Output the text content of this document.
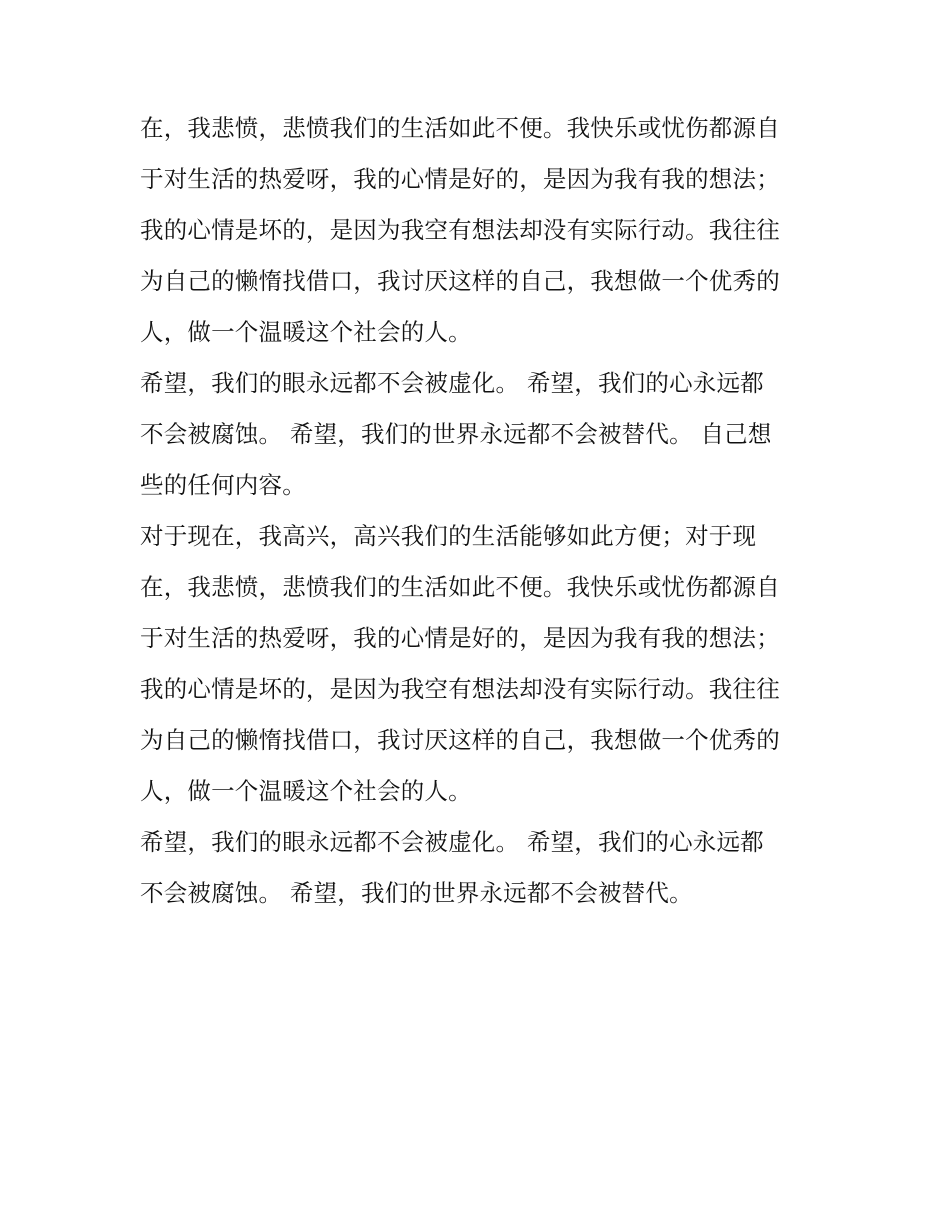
在，我悲愤，悲愤我们的生活如此不便。我快乐或忧伤都源自
于对生活的热爱呀，我的心情是好的，是因为我有我的想法；
我的心情是坏的，是因为我空有想法却没有实际行动。我往往
为自己的懒惰找借口，我讨厌这样的自己，我想做一个优秀的
人，做一个温暖这个社会的人。
希望，我们的眼永远都不会被虚化。 希望，我们的心永远都
不会被腐蚀。 希望，我们的世界永远都不会被替代。 自己想
些的任何内容。
对于现在，我高兴，高兴我们的生活能够如此方便；对于现
在，我悲愤，悲愤我们的生活如此不便。我快乐或忧伤都源自
于对生活的热爱呀，我的心情是好的，是因为我有我的想法；
我的心情是坏的，是因为我空有想法却没有实际行动。我往往
为自己的懒惰找借口，我讨厌这样的自己，我想做一个优秀的
人，做一个温暖这个社会的人。
希望，我们的眼永远都不会被虚化。 希望，我们的心永远都
不会被腐蚀。 希望，我们的世界永远都不会被替代。
